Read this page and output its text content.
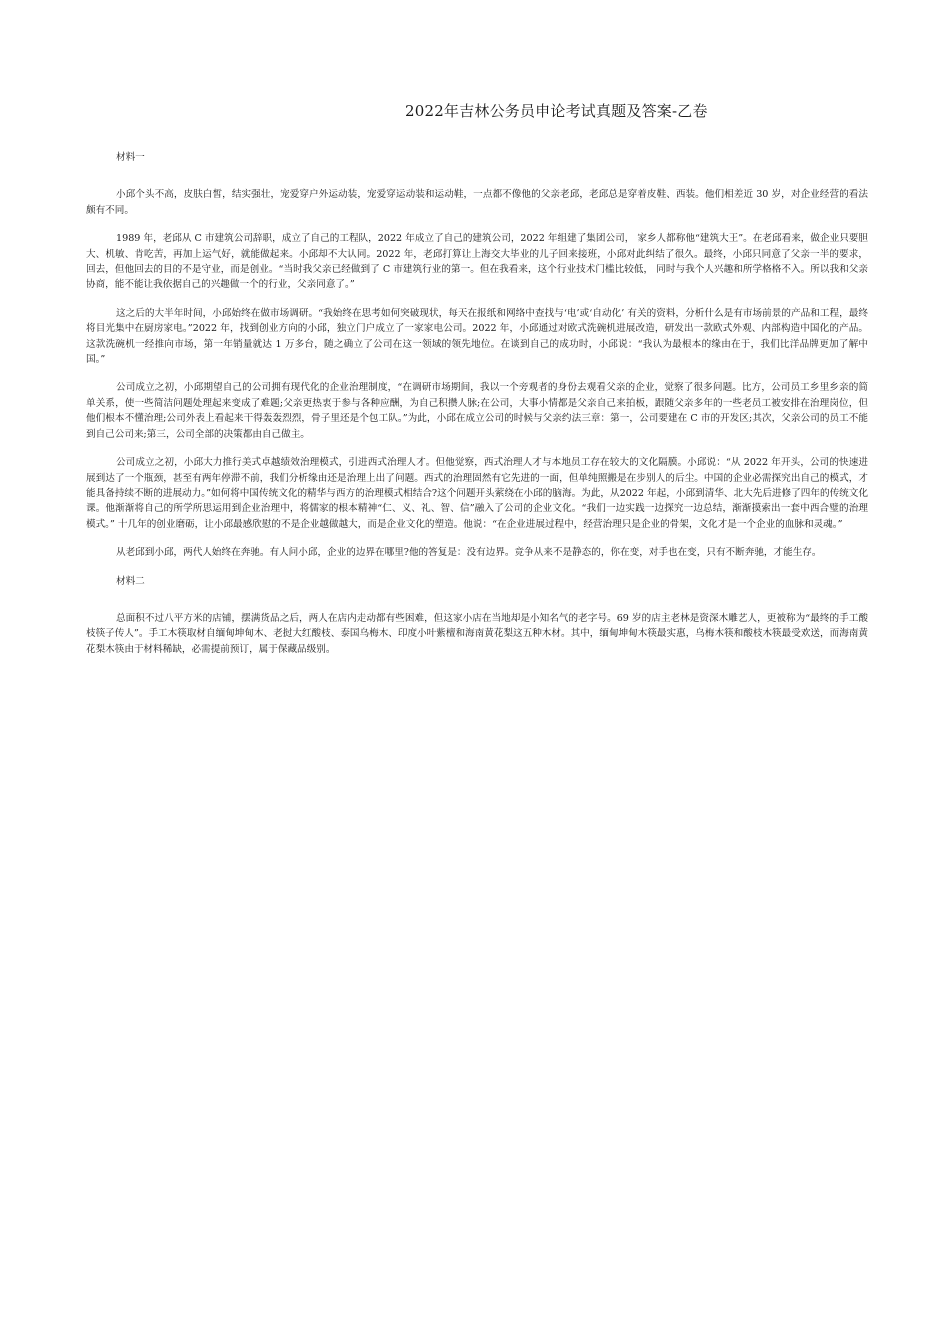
2022年吉林公务员申论考试真题及答案-乙卷
材料一

小邱个头不高，皮肤白皙，结实强壮，宠爱穿户外运动装，宠爱穿运动装和运动鞋，一点都不像他的父亲老邱，老邱总是穿着皮鞋、西装。他们相差近 30 岁，对企业经营的看法颇有不同。

1989 年，老邱从 C 市建筑公司辞职，成立了自己的工程队，2022 年成立了自己的建筑公司，2022 年组建了集团公司， 家乡人都称他“建筑大王”。在老邱看来，做企业只要胆大、机敏、肯吃苦，再加上运气好，就能做起来。小邱却不大认同。2022 年，老邱打算让上海交大毕业的儿子回来接班，小邱对此纠结了很久。最终，小邱只同意了父亲一半的要求，回去，但他回去的目的不是守业，而是创业。“当时我父亲已经做到了 C 市建筑行业的第一。但在我看来，这个行业技术门槛比较低， 同时与我个人兴趣和所学格格不入。所以我和父亲协商，能不能让我依据自己的兴趣做一个的行业，父亲同意了。”

这之后的大半年时间，小邱始终在做市场调研。“我始终在思考如何突破现状，每天在报纸和网络中查找与‘电’或‘自动化’ 有关的资料，分析什么是有市场前景的产品和工程，最终将目光集中在厨房家电。”2022 年，找到创业方向的小邱，独立门户成立了一家家电公司。2022 年，小邱通过对欧式洗碗机进展改造，研发出一款欧式外观、内部构造中国化的产品。这款洗碗机一经推向市场，第一年销量就达 1 万多台，随之确立了公司在这一领域的领先地位。在谈到自己的成功时，小邱说：“我认为最根本的缘由在于，我们比洋品牌更加了解中国。”

公司成立之初，小邱期望自己的公司拥有现代化的企业治理制度，“在调研市场期间，我以一个旁观者的身份去观看父亲的企业，觉察了很多问题。比方，公司员工乡里乡亲的简单关系，使一些简洁问题处理起来变成了难题;父亲更热衷于参与各种应酬，为自己积攒人脉;在公司，大事小情都是父亲自己来拍板，跟随父亲多年的一些老员工被安排在治理岗位，但他们根本不懂治理;公司外表上看起来干得轰轰烈烈，骨子里还是个包工队。”为此，小邱在成立公司的时候与父亲约法三章：第一，公司要建在 C 市的开发区;其次，父亲公司的员工不能到自己公司来;第三，公司全部的决策都由自己做主。

公司成立之初，小邱大力推行美式卓越绩效治理模式，引进西式治理人才。但他觉察，西式治理人才与本地员工存在较大的文化隔膜。小邱说：“从 2022 年开头，公司的快速进展到达了一个瓶颈，甚至有两年停滞不前，我们分析缘由还是治理上出了问题。西式的治理固然有它先进的一面，但单纯照搬是在步别人的后尘。中国的企业必需探究出自己的模式，才能具备持续不断的进展动力。”如何将中国传统文化的精华与西方的治理模式相结合?这个问题开头萦绕在小邱的脑海。为此，从2022 年起，小邱到清华、北大先后进修了四年的传统文化课。他渐渐将自己的所学所思运用到企业治理中，将儒家的根本精神“仁、义、礼、智、信”融入了公司的企业文化。“我们一边实践一边探究一边总结，渐渐摸索出一套中西合璧的治理模式。” 十几年的创业磨砺，让小邱最感欣慰的不是企业越做越大，而是企业文化的塑造。他说：“在企业进展过程中，经营治理只是企业的骨架，文化才是一个企业的血脉和灵魂。”

从老邱到小邱，两代人始终在奔驰。有人问小邱，企业的边界在哪里?他的答复是：没有边界。竞争从来不是静态的，你在变，对手也在变，只有不断奔驰，才能生存。

材料二

总面积不过八平方米的店铺，摆满货品之后，两人在店内走动都有些困难，但这家小店在当地却是小知名气的老字号。69 岁的店主老林是资深木雕艺人，更被称为“最终的手工酸枝筷子传人”。手工木筷取材自缅甸坤甸木、老挝大红酸枝、泰国乌梅木、印度小叶紫檀和海南黄花梨这五种木材。其中，缅甸坤甸木筷最实惠，乌梅木筷和酸枝木筷最受欢送，而海南黄花梨木筷由于材料稀缺，必需提前预订，属于保藏品级别。
